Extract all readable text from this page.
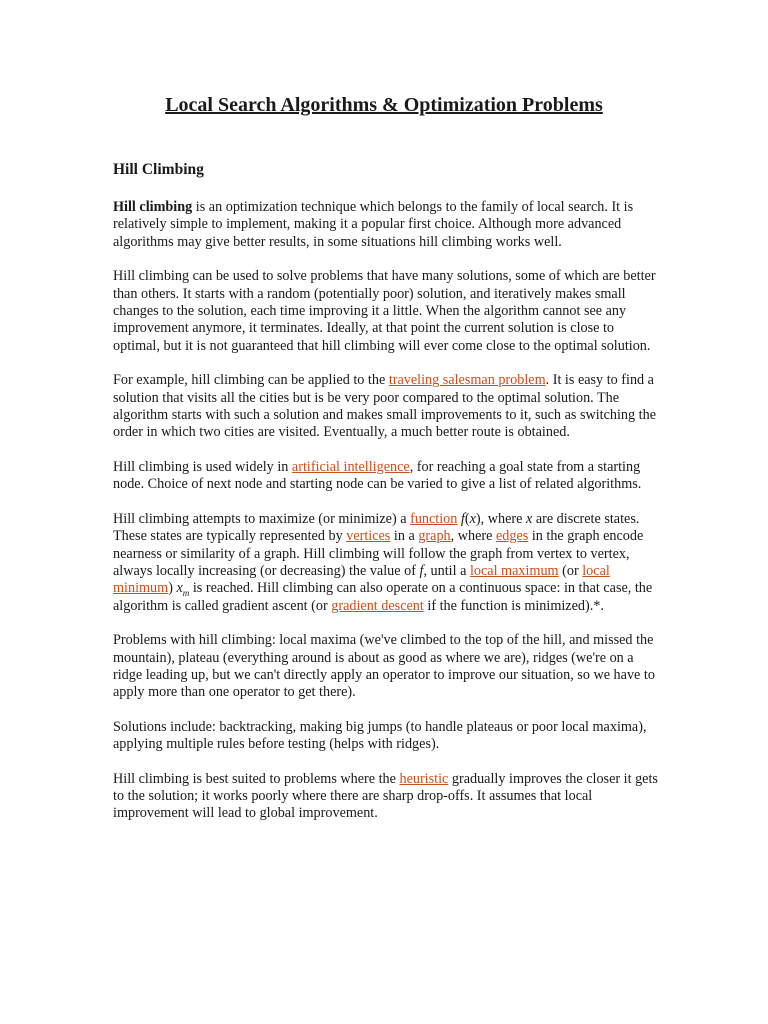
Local Search Algorithms & Optimization Problems
Hill Climbing

Hill climbing is an optimization technique which belongs to the family of local search. It is relatively simple to implement, making it a popular first choice. Although more advanced algorithms may give better results, in some situations hill climbing works well.

Hill climbing can be used to solve problems that have many solutions, some of which are better than others. It starts with a random (potentially poor) solution, and iteratively makes small changes to the solution, each time improving it a little. When the algorithm cannot see any improvement anymore, it terminates. Ideally, at that point the current solution is close to optimal, but it is not guaranteed that hill climbing will ever come close to the optimal solution.

For example, hill climbing can be applied to the traveling salesman problem. It is easy to find a solution that visits all the cities but is be very poor compared to the optimal solution. The algorithm starts with such a solution and makes small improvements to it, such as switching the order in which two cities are visited. Eventually, a much better route is obtained.

Hill climbing is used widely in artificial intelligence, for reaching a goal state from a starting node. Choice of next node and starting node can be varied to give a list of related algorithms.

Hill climbing attempts to maximize (or minimize) a function f(x), where x are discrete states. These states are typically represented by vertices in a graph, where edges in the graph encode nearness or similarity of a graph. Hill climbing will follow the graph from vertex to vertex, always locally increasing (or decreasing) the value of f, until a local maximum (or local minimum) $x_m$ is reached. Hill climbing can also operate on a continuous space: in that case, the algorithm is called gradient ascent (or gradient descent if the function is minimized).*.

Problems with hill climbing: local maxima (we've climbed to the top of the hill, and missed the mountain), plateau (everything around is about as good as where we are), ridges (we're on a ridge leading up, but we can't directly apply an operator to improve our situation, so we have to apply more than one operator to get there).

Solutions include: backtracking, making big jumps (to handle plateaus or poor local maxima), applying multiple rules before testing (helps with ridges).

Hill climbing is best suited to problems where the heuristic gradually improves the closer it gets to the solution; it works poorly where there are sharp drop-offs. It assumes that local improvement will lead to global improvement.
